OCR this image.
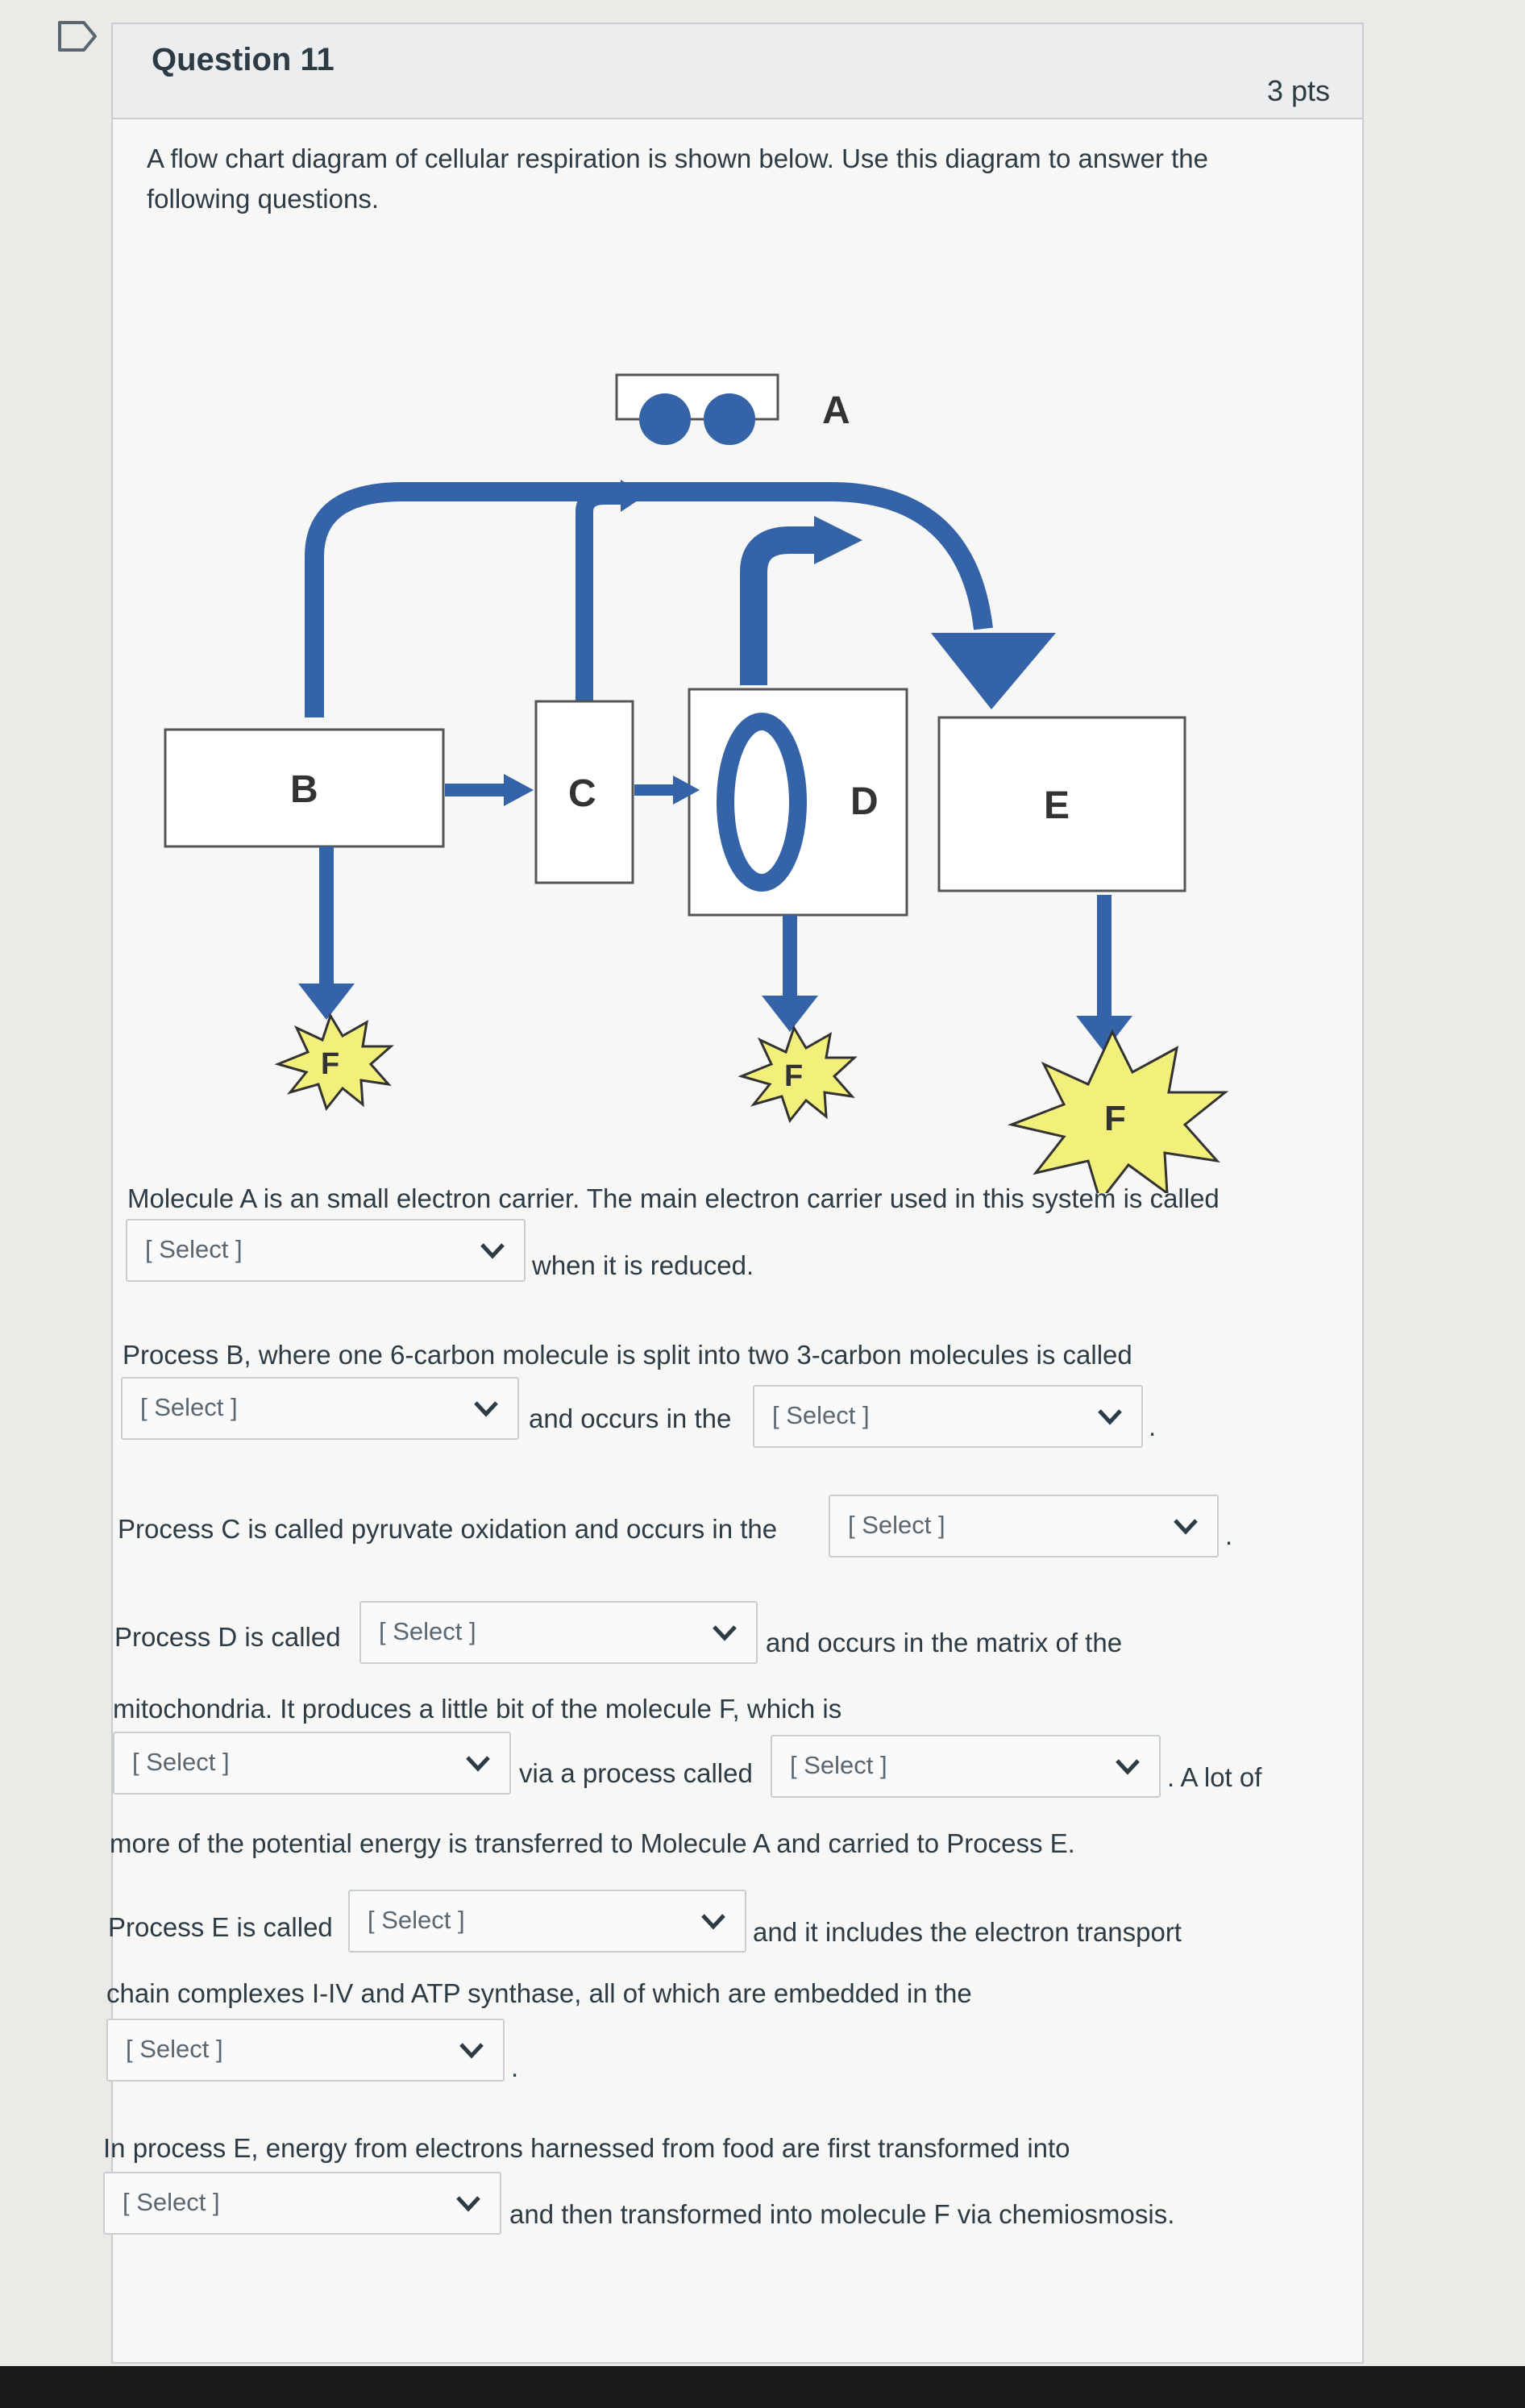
Question 11
3 pts
A flow chart diagram of cellular respiration is shown below. Use this diagram to answer the following questions.
A
B	C	D	E
F	F
F
Molecule A is an small electron carrier. The main electron carrier used in this system is called
[ Select ]
when it is reduced.
Process B, where one 6-carbon molecule is split into two 3-carbon molecules is called
[ Select ]	and occurs in the [ Select ]	.
Process C is called pyruvate oxidation and occurs in the	[ Select ]	.
Process D is called [ Select ]	and occurs in the matrix of the
mitochondria. It produces a little bit of the molecule F, which is
[ Select ]	via a process called [ Select ]	. A lot of
more of the potential energy is transferred to Molecule A and carried to Process E.
Process E is called [ Select ]	and it includes the electron transport
chain complexes I-IV and ATP synthase, all of which are embedded in the
[ Select ]
.
In process E, energy from electrons harnessed from food are first transformed into
[ Select ]	and then transformed into molecule F via chemiosmosis.
